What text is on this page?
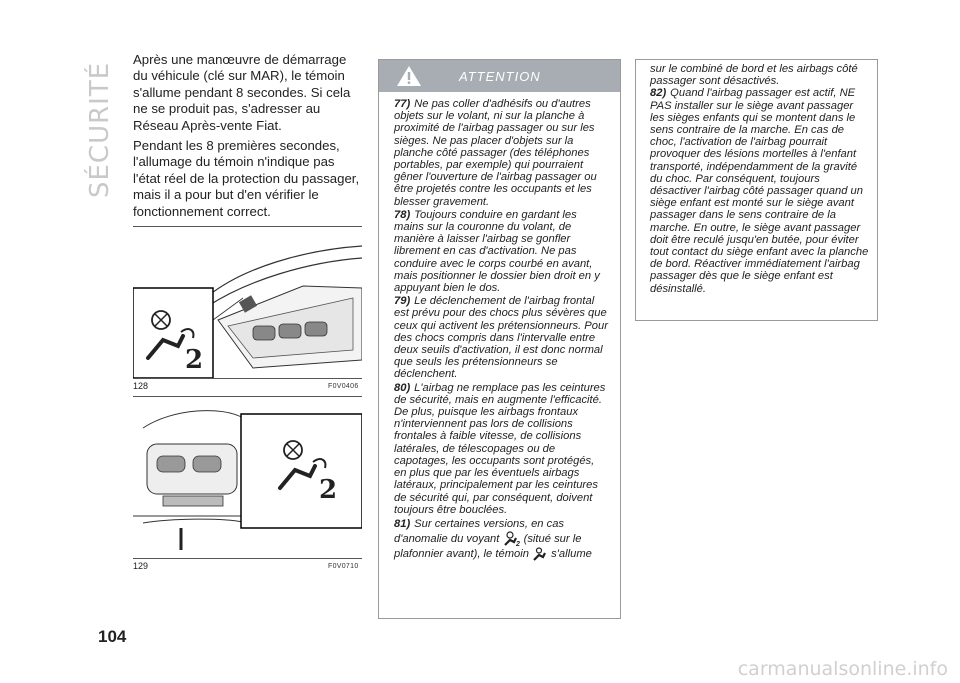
SÉCURITÉ

Après une manœuvre de démarrage du véhicule (clé sur MAR), le témoin s'allume pendant 8 secondes. Si cela ne se produit pas, s'adresser au Réseau Après-vente Fiat.

Pendant les 8 premières secondes, l'allumage du témoin n'indique pas l'état réel de la protection du passager, mais il a pour but d'en vérifier le fonctionnement correct.

2
128	F0V0406
2
129	F0V0710
ATTENTION

77) Ne pas coller d'adhésifs ou d'autres objets sur le volant, ni sur la planche à proximité de l'airbag passager ou sur les sièges. Ne pas placer d'objets sur la planche côté passager (des téléphones portables, par exemple) qui pourraient gêner l'ouverture de l'airbag passager ou être projetés contre les occupants et les blesser gravement.

78) Toujours conduire en gardant les mains sur la couronne du volant, de manière à laisser l'airbag se gonfler librement en cas d'activation. Ne pas conduire avec le corps courbé en avant, mais positionner le dossier bien droit en y appuyant bien le dos.

79) Le déclenchement de l'airbag frontal est prévu pour des chocs plus sévères que ceux qui activent les prétensionneurs. Pour des chocs compris dans l'intervalle entre deux seuils d'activation, il est donc normal que seuls les prétensionneurs se déclenchent.

80) L'airbag ne remplace pas les ceintures de sécurité, mais en augmente l'efficacité. De plus, puisque les airbags frontaux n'interviennent pas lors de collisions frontales à faible vitesse, de collisions latérales, de télescopages ou de capotages, les occupants sont protégés, en plus que par les éventuels airbags latéraux, principalement par les ceintures de sécurité qui, par conséquent, doivent toujours être bouclées.

81) Sur certaines versions, en cas d'anomalie du voyant 2 (situé sur le plafonnier avant), le témoin s'allume

sur le combiné de bord et les airbags côté passager sont désactivés.

82) Quand l'airbag passager est actif, NE PAS installer sur le siège avant passager les sièges enfants qui se montent dans le sens contraire de la marche. En cas de choc, l'activation de l'airbag pourrait provoquer des lésions mortelles à l'enfant transporté, indépendamment de la gravité du choc. Par conséquent, toujours désactiver l'airbag côté passager quand un siège enfant est monté sur le siège avant passager dans le sens contraire de la marche. En outre, le siège avant passager doit être reculé jusqu'en butée, pour éviter tout contact du siège enfant avec la planche de bord. Réactiver immédiatement l'airbag passager dès que le siège enfant est désinstallé.

104
carmanualsonline.info
